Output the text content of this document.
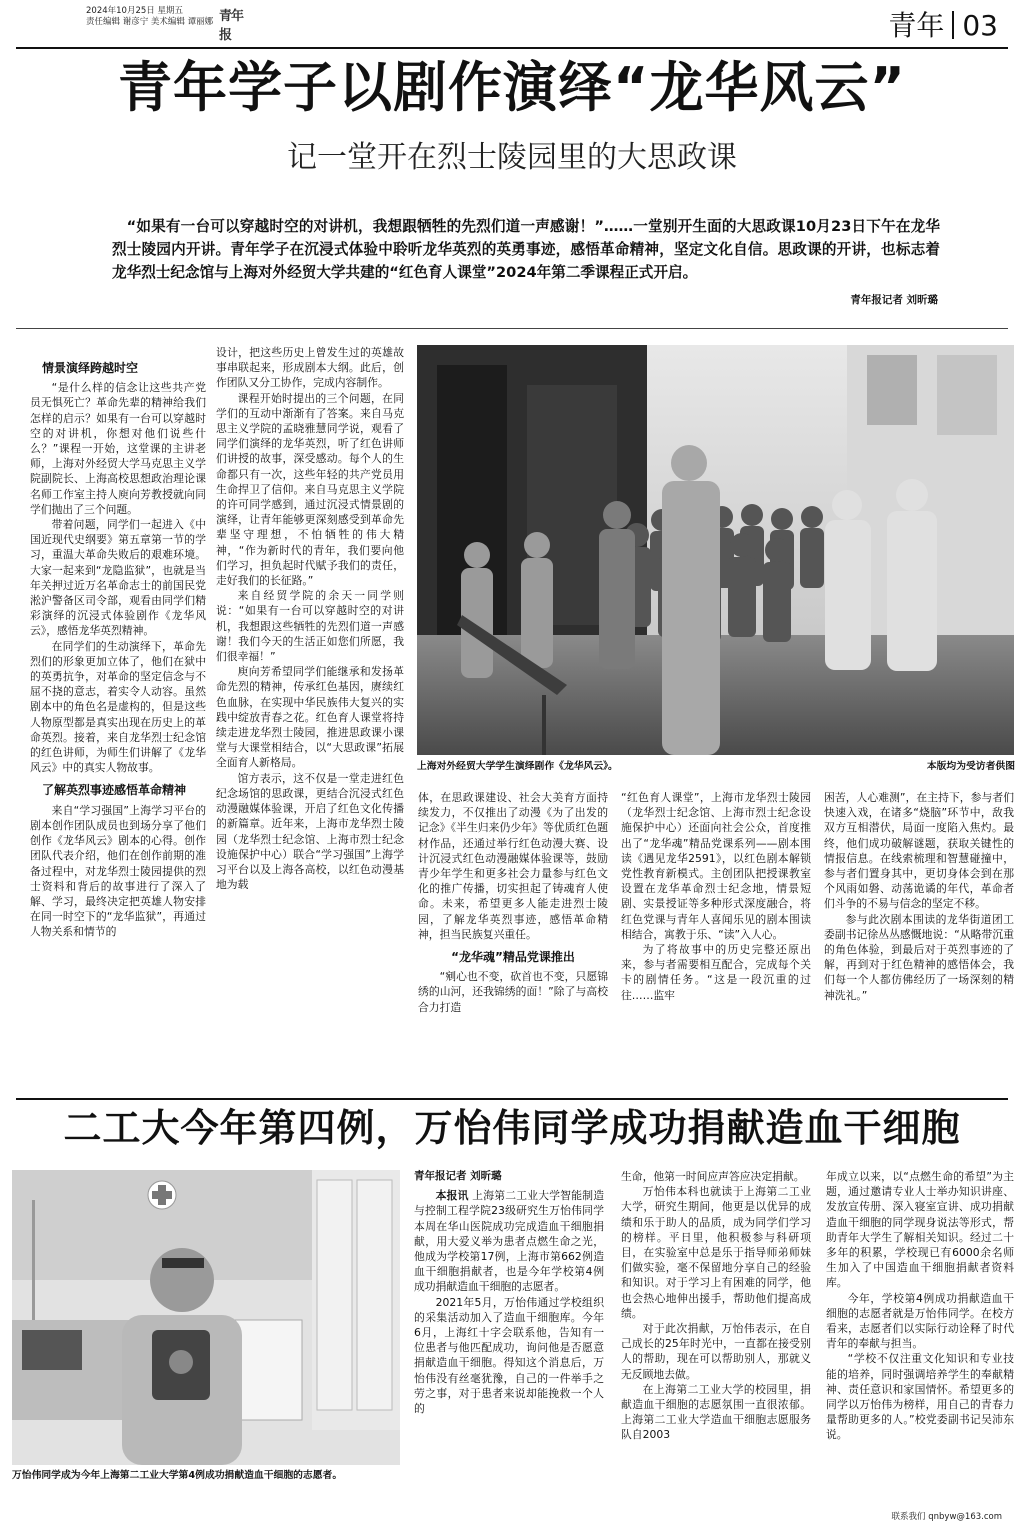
2024年10月25日 星期五
责任编辑 谢彦宁 美术编辑 谭丽娜 青年报	青年 03
青年学子以剧作演绎“龙华风云”
记一堂开在烈士陵园里的大思政课
“如果有一台可以穿越时空的对讲机，我想跟牺牲的先烈们道一声感谢！”……一堂别开生面的大思政课10月23日下午在龙华烈士陵园内开讲。青年学子在沉浸式体验中聆听龙华英烈的英勇事迹，感悟革命精神，坚定文化自信。思政课的开讲，也标志着龙华烈士纪念馆与上海对外经贸大学共建的“红色育人课堂”2024年第二季课程正式开启。
青年报记者 刘昕璐
情景演绎跨越时空

“是什么样的信念让这些共产党员无惧死亡？革命先辈的精神给我们怎样的启示？如果有一台可以穿越时空的对讲机，你想对他们说些什么？”课程一开始，这堂课的主讲老师，上海对外经贸大学马克思主义学院副院长、上海高校思想政治理论课名师工作室主持人庾向芳教授就向同学们抛出了三个问题。

带着问题，同学们一起进入《中国近现代史纲要》第五章第一节的学习，重温大革命失败后的艰难环境。大家一起来到“龙隐监狱”，也就是当年关押过近万名革命志士的前国民党淞沪警备区司令部，观看由同学们精彩演绎的沉浸式体验剧作《龙华风云》，感悟龙华英烈精神。

在同学们的生动演绎下，革命先烈们的形象更加立体了，他们在狱中的英勇抗争，对革命的坚定信念与不屈不挠的意志，着实令人动容。虽然剧本中的角色名是虚构的，但是这些人物原型都是真实出现在历史上的革命英烈。接着，来自龙华烈士纪念馆的红色讲师，为师生们讲解了《龙华风云》中的真实人物故事。

了解英烈事迹感悟革命精神

来自“学习强国”上海学习平台的剧本创作团队成员也到场分享了他们创作《龙华风云》剧本的心得。创作团队代表介绍，他们在创作前期的准备过程中，对龙华烈士陵园提供的烈士资料和背后的故事进行了深入了解、学习，最终决定把英雄人物安排在同一时空下的“龙华监狱”，再通过人物关系和情节的

设计，把这些历史上曾发生过的英雄故事串联起来，形成剧本大纲。此后，创作团队又分工协作，完成内容制作。

课程开始时提出的三个问题，在同学们的互动中渐渐有了答案。来自马克思主义学院的孟晓雅慧同学说，观看了同学们演绎的龙华英烈，听了红色讲师们讲授的故事，深受感动。每个人的生命都只有一次，这些年轻的共产党员用生命捍卫了信仰。来自马克思主义学院的许可同学感到，通过沉浸式情景剧的演绎，让青年能够更深刻感受到革命先辈坚守理想，不怕牺牲的伟大精神，“作为新时代的青年，我们要向他们学习，担负起时代赋予我们的责任，走好我们的长征路。”

来自经贸学院的余天一同学则说：“如果有一台可以穿越时空的对讲机，我想跟这些牺牲的先烈们道一声感谢！我们今天的生活正如您们所愿，我们很幸福！”

庾向芳希望同学们能继承和发扬革命先烈的精神，传承红色基因，赓续红色血脉，在实现中华民族伟大复兴的实践中绽放青春之花。红色育人课堂将持续走进龙华烈士陵园，推进思政课小课堂与大课堂相结合，以“大思政课”拓展全面育人新格局。

馆方表示，这不仅是一堂走进红色纪念场馆的思政课，更结合沉浸式红色动漫融媒体验课，开启了红色文化传播的新篇章。近年来，上海市龙华烈士陵园（龙华烈士纪念馆、上海市烈士纪念设施保护中心）联合“学习强国”上海学习平台以及上海各高校，以红色动漫基地为载

上海对外经贸大学学生演绎剧作《龙华风云》。	本版均为受访者供图

体，在思政课建设、社会大美育方面持续发力，不仅推出了动漫《为了出发的记念》《半生归来仍少年》等优质红色题材作品，还通过举行红色动漫大赛、设计沉浸式红色动漫融媒体验课等，鼓励青少年学生和更多社会力量参与红色文化的推广传播，切实担起了铸魂育人使命。未来，希望更多人能走进烈士陵园，了解龙华英烈事迹，感悟革命精神，担当民族复兴重任。

“龙华魂”精品党课推出

“剜心也不变，砍首也不变，只愿锦绣的山河，还我锦绣的面！”除了与高校合力打造

“红色育人课堂”，上海市龙华烈士陵园（龙华烈士纪念馆、上海市烈士纪念设施保护中心）还面向社会公众，首度推出了“龙华魂”精品党课系列——剧本围读《遇见龙华2591》，以红色剧本解锁党性教育新模式。主创团队把授课教室设置在龙华革命烈士纪念地，情景短剧、实景授证等多种形式深度融合，将红色党课与青年人喜闻乐见的剧本围读相结合，寓教于乐、“读”入人心。

为了将故事中的历史完整还原出来，参与者需要相互配合，完成每个关卡的剧情任务。“这是一段沉重的过往……监牢

困苦，人心难测”，在主持下，参与者们快速入戏，在诸多“烧脑”环节中，敌我双方互相潜伏，局面一度陷入焦灼。最终，他们成功破解谜题，获取关键性的情报信息。在线索梳理和智慧碰撞中，参与者们置身其中，更切身体会到在那个风雨如磐、动荡诡谲的年代，革命者们斗争的不易与信念的坚定不移。

参与此次剧本围读的龙华街道团工委副书记徐丛丛感慨地说：“从略带沉重的角色体验，到最后对于英烈事迹的了解，再到对于红色精神的感悟体会，我们每一个人都仿佛经历了一场深刻的精神洗礼。”

二工大今年第四例，万怡伟同学成功捐献造血干细胞
万怡伟同学成为今年上海第二工业大学第4例成功捐献造血干细胞的志愿者。
青年报记者 刘昕璐

本报讯 上海第二工业大学智能制造与控制工程学院23级研究生万怡伟同学本周在华山医院成功完成造血干细胞捐献，用大爱义举为患者点燃生命之光，他成为学校第17例，上海市第662例造血干细胞捐献者，也是今年学校第4例成功捐献造血干细胞的志愿者。

2021年5月，万怡伟通过学校组织的采集活动加入了造血干细胞库。今年6月，上海红十字会联系他，告知有一位患者与他匹配成功，询问他是否愿意捐献造血干细胞。得知这个消息后，万怡伟没有丝毫犹豫，自己的一件举手之劳之事，对于患者来说却能挽救一个人的

生命，他第一时间应声答应决定捐献。

万怡伟本科也就读于上海第二工业大学，研究生期间，他更是以优异的成绩和乐于助人的品质，成为同学们学习的榜样。平日里，他积极参与科研项目，在实验室中总是乐于指导师弟师妹们做实验，毫不保留地分享自己的经验和知识。对于学习上有困难的同学，他也会热心地伸出援手，帮助他们提高成绩。

对于此次捐献，万怡伟表示，在自己成长的25年时光中，一直都在接受别人的帮助，现在可以帮助别人，那就义无反顾地去做。

在上海第二工业大学的校园里，捐献造血干细胞的志愿氛围一直很浓郁。上海第二工业大学造血干细胞志愿服务队自2003

年成立以来，以“点燃生命的希望”为主题，通过邀请专业人士举办知识讲座、发放宣传册、深入寝室宣讲、成功捐献造血干细胞的同学现身说法等形式，帮助青年大学生了解相关知识。经过二十多年的积累，学校现已有6000余名师生加入了中国造血干细胞捐献者资料库。

今年，学校第4例成功捐献造血干细胞的志愿者就是万怡伟同学。在校方看来，志愿者们以实际行动诠释了时代青年的奉献与担当。

“学校不仅注重文化知识和专业技能的培养，同时强调培养学生的奉献精神、责任意识和家国情怀。希望更多的同学以万怡伟为榜样，用自己的青春力量帮助更多的人。”校党委副书记吴沛东说。

联系我们 qnbyw@163.com
